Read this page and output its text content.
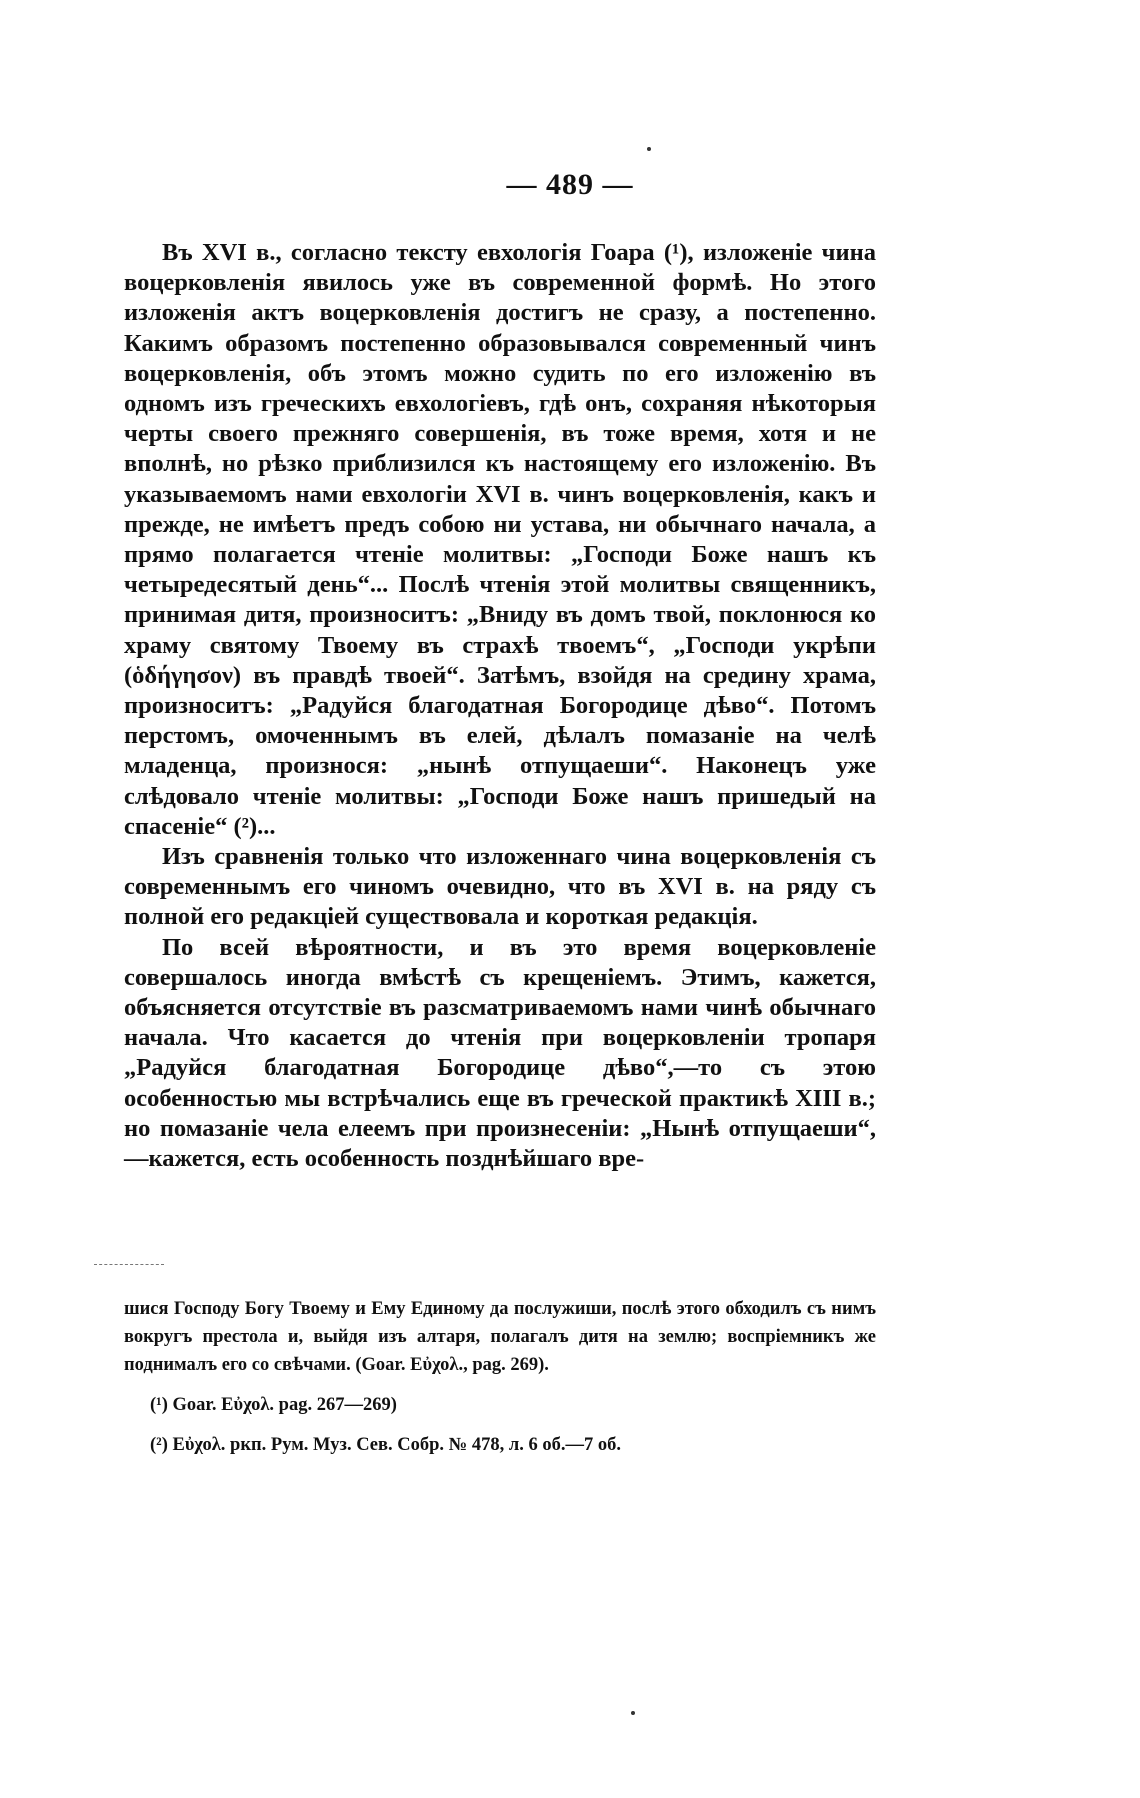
— 489 —

Въ XVI в., согласно тексту евхологія Гоара (¹), изложеніе чина воцерковленія явилось уже въ современной формѣ. Но этого изложенія актъ воцерковленія достигъ не сразу, а постепенно. Какимъ образомъ постепенно образовывался современный чинъ воцерковленія, объ этомъ можно судить по его изложенію въ одномъ изъ греческихъ евхологіевъ, гдѣ онъ, сохраняя нѣкоторыя черты своего прежняго совершенія, въ тоже время, хотя и не вполнѣ, но рѣзко приблизился къ настоящему его изложенію. Въ указываемомъ нами евхологіи XVI в. чинъ воцерковленія, какъ и прежде, не имѣетъ предъ собою ни устава, ни обычнаго начала, а прямо полагается чтеніе молитвы: „Господи Боже нашъ къ четыредесятый день“... Послѣ чтенія этой молитвы священникъ, принимая дитя, произноситъ: „Вниду въ домъ твой, поклонюся ко храму святому Твоему въ страхѣ твоемъ“, „Господи укрѣпи (ὁδήγησον) въ правдѣ твоей“. Затѣмъ, взойдя на средину храма, произноситъ: „Радуйся благодатная Богородице дѣво“. Потомъ перстомъ, омоченнымъ въ елей, дѣлалъ помазаніе на челѣ младенца, произнося: „нынѣ отпущаеши“. Наконецъ уже слѣдовало чтеніе молитвы: „Господи Боже нашъ пришедый на спасеніе“ (²)...

Изъ сравненія только что изложеннаго чина воцерковленія съ современнымъ его чиномъ очевидно, что въ XVI в. на ряду съ полной его редакціей существовала и короткая редакція.

По всей вѣроятности, и въ это время воцерковленіе совершалось иногда вмѣстѣ съ крещеніемъ. Этимъ, кажется, объясняется отсутствіе въ разсматриваемомъ нами чинѣ обычнаго начала. Что касается до чтенія при воцерковленіи тропаря „Радуйся благодатная Богородице дѣво“,—то съ этою особенностью мы встрѣчались еще въ греческой практикѣ XIII в.; но помазаніе чела елеемъ при произнесеніи: „Нынѣ отпущаеши“,—кажется, есть особенность позднѣйшаго вре-

шися Господу Богу Твоему и Ему Единому да послужиши, послѣ этого обходилъ съ нимъ вокругъ престола и, выйдя изъ алтаря, полагалъ дитя на землю; воспріемникъ же поднималъ его со свѣчами. (Goar. Εὐχολ., pag. 269).

(¹) Goar. Εὐχολ. pag. 267—269)

(²) Εὐχολ. ркп. Рум. Муз. Сев. Собр. № 478, л. 6 об.—7 об.
